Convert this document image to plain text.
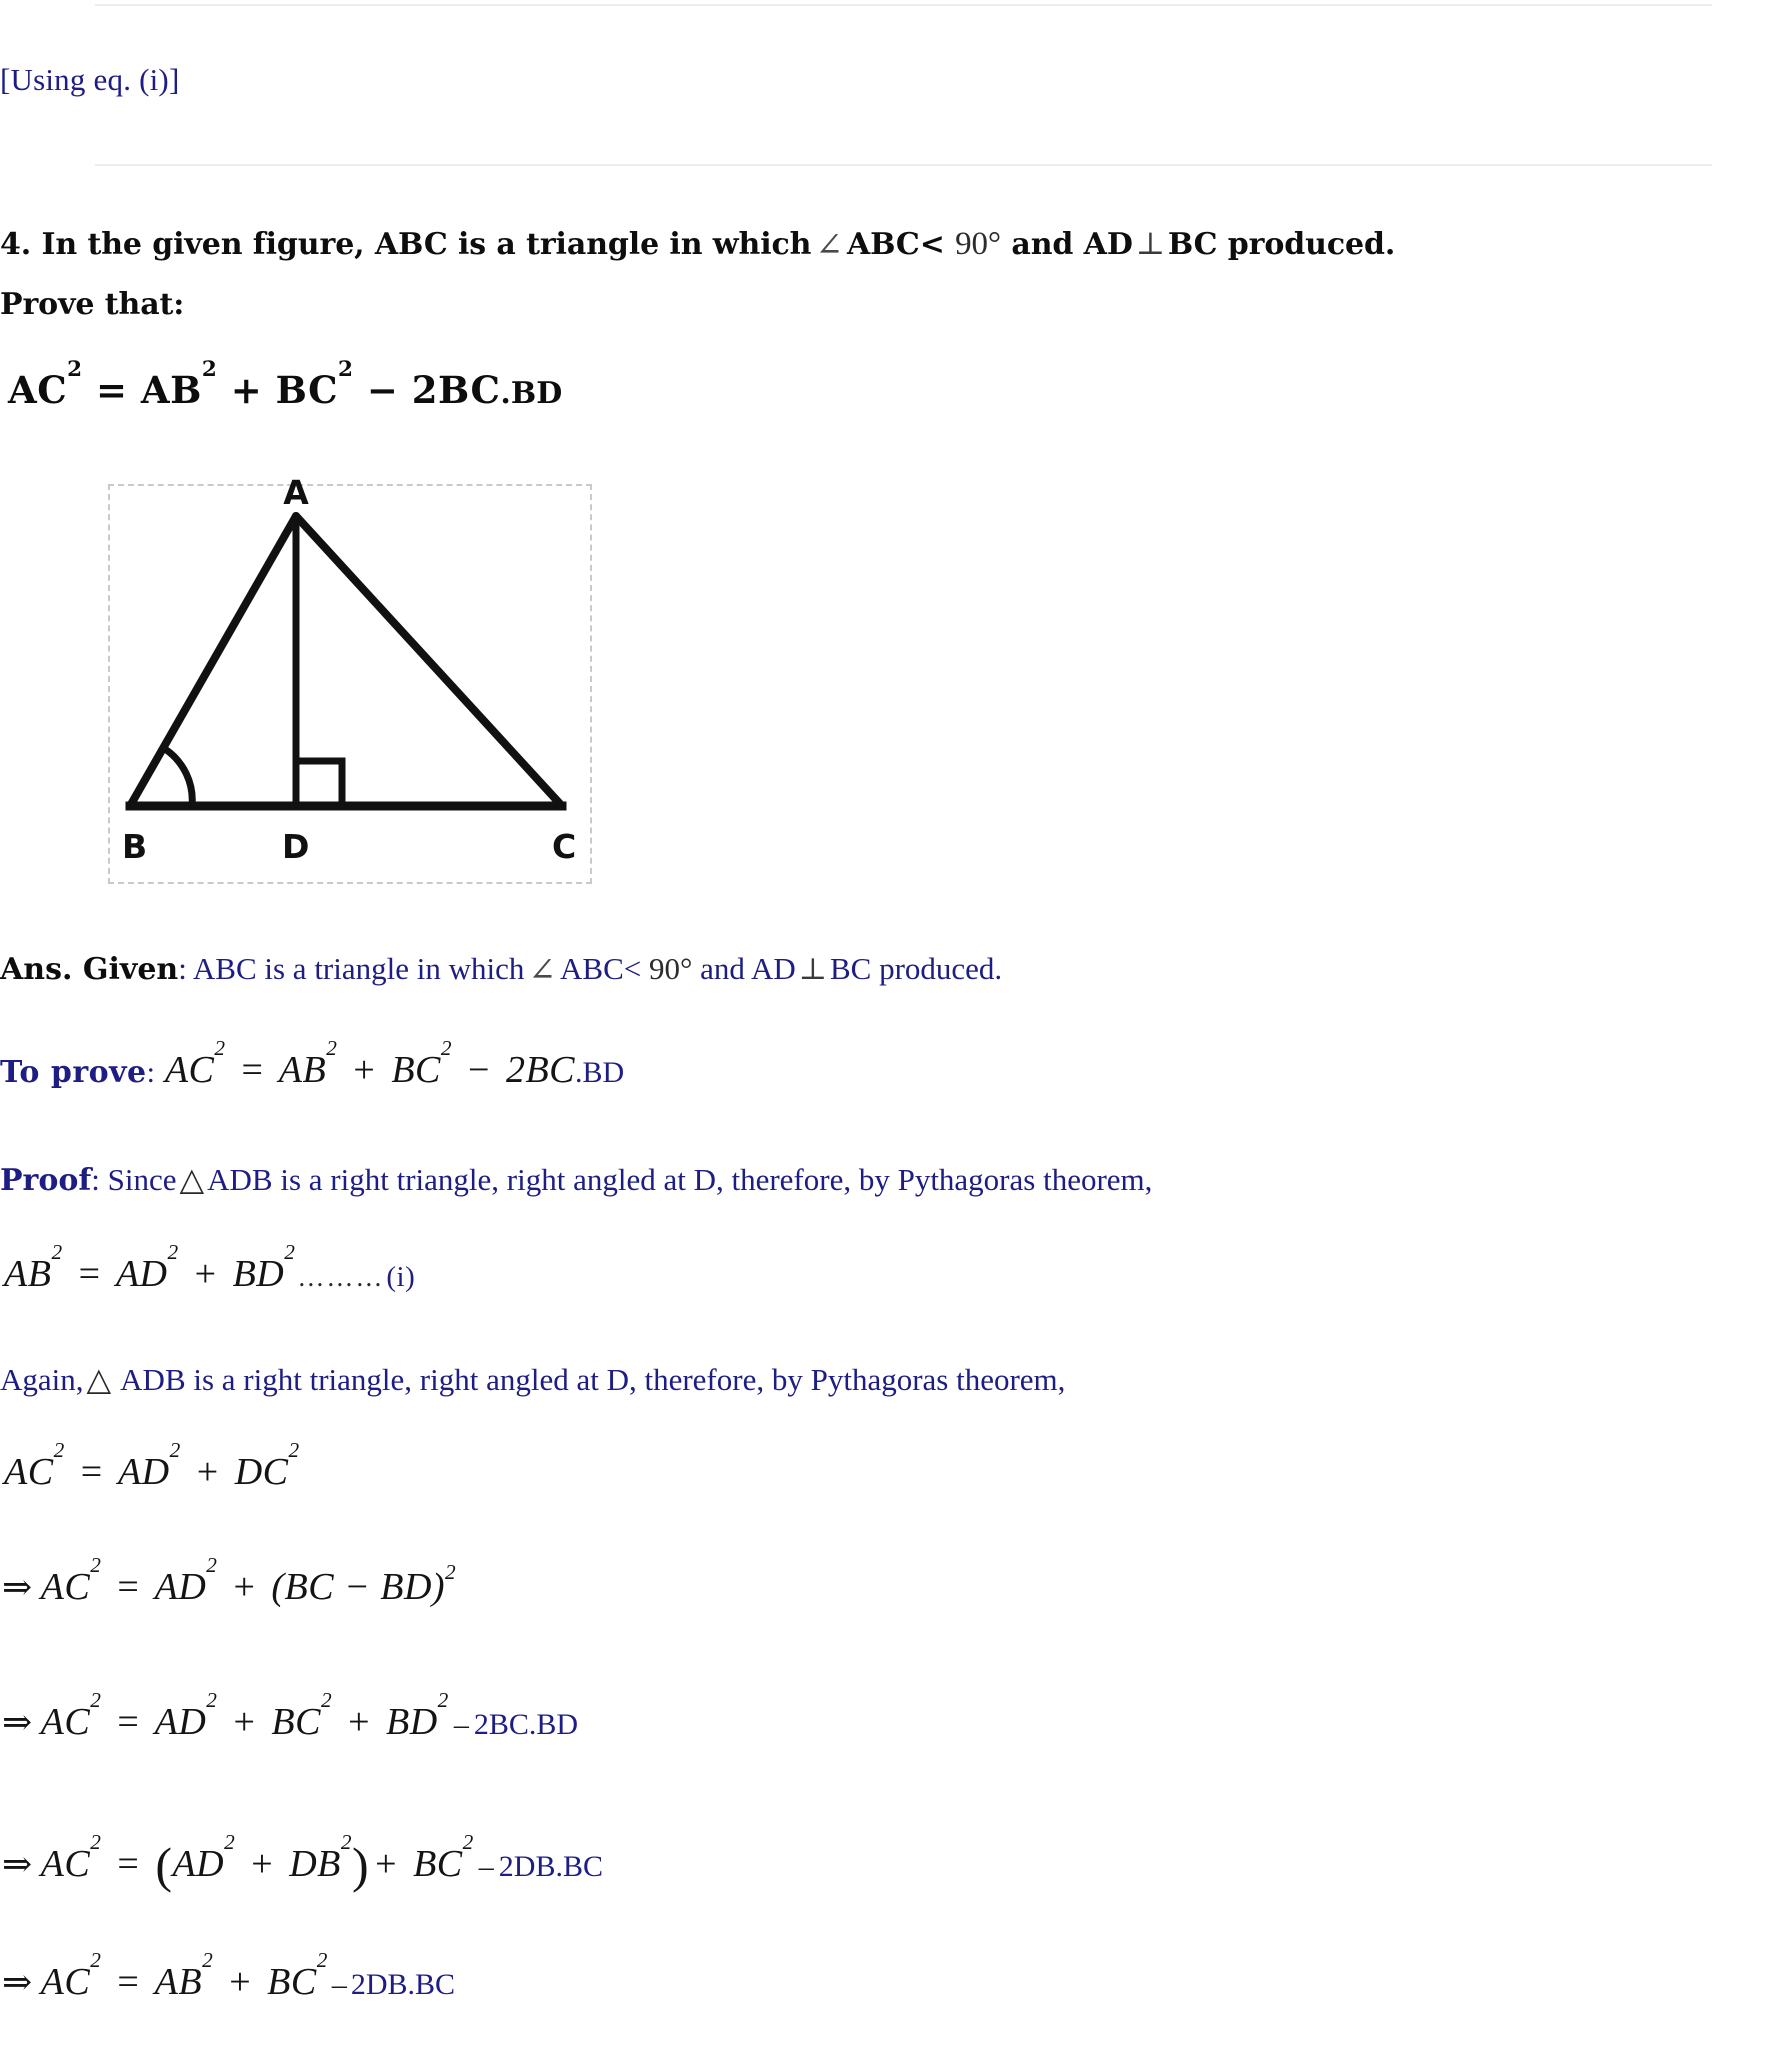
[Using eq. (i)]
4. In the given figure, ABC is a triangle in which ∠ ABC< 90° and AD⊥ BC produced.
Prove that:
$AC^2 = AB^2 + BC^2 - 2BC.BD$
A
B	D	C
Ans. Given: ABC is a triangle in which ∠ ABC< 90° and AD ⊥BC produced.
To prove: $AC^2 = AB^2 + BC^2 - 2BC.BD$
Proof: Since△ADB is a right triangle, right angled at D, therefore, by Pythagoras theorem,
$AB^2 = AD^2$ + $BD^2\dots\dots\dots(i)$
Again,△ ADB is a right triangle, right angled at D, therefore, by Pythagoras theorem,
$AC^2 = AD^2 + DC^2$
⇒ $AC^2 = AD^2 + (BC - BD)^2$
⇒ $AC^2 = AD^2 + BC^2 + BD^2-$ 2BC.BD
⇒ $AC^2 = (AD^2 + DB^2) + BC^2-$ 2DB.BC
⇒ $AC^2 = AB^2 + BC^2-$ 2DB.BC
